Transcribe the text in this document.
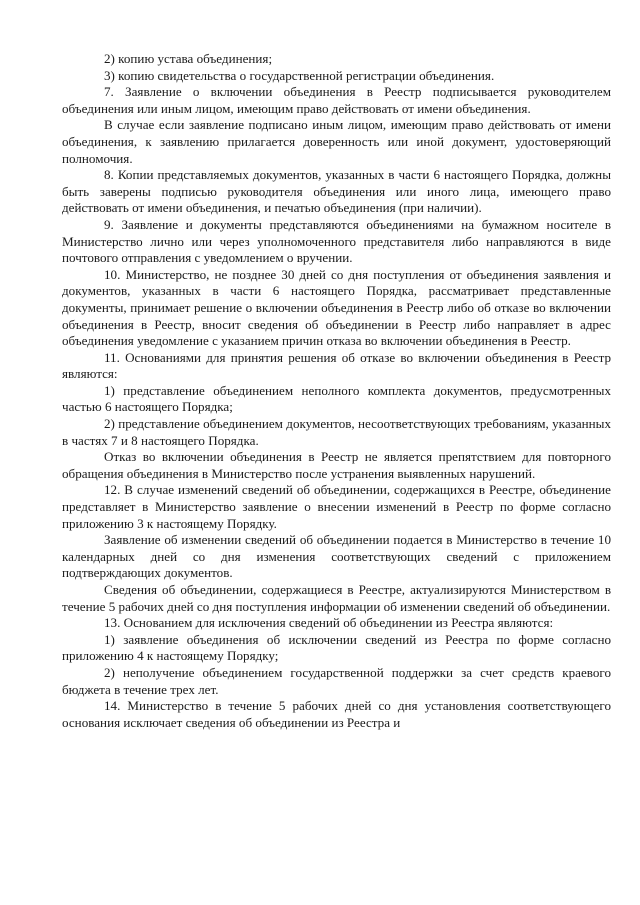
2) копию устава объединения;

3) копию свидетельства о государственной регистрации объединения.

7. Заявление о включении объединения в Реестр подписывается руководителем объединения или иным лицом, имеющим право действовать от имени объединения.

В случае если заявление подписано иным лицом, имеющим право действовать от имени объединения, к заявлению прилагается доверенность или иной документ, удостоверяющий полномочия.

8. Копии представляемых документов, указанных в части 6 настоящего Порядка, должны быть заверены подписью руководителя объединения или иного лица, имеющего право действовать от имени объединения, и печатью объединения (при наличии).

9. Заявление и документы представляются объединениями на бумажном носителе в Министерство лично или через уполномоченного представителя либо направляются в виде почтового отправления с уведомлением о вручении.

10. Министерство, не позднее 30 дней со дня поступления от объединения заявления и документов, указанных в части 6 настоящего Порядка, рассматривает представленные документы, принимает решение о включении объединения в Реестр либо об отказе во включении объединения в Реестр, вносит сведения об объединении в Реестр либо направляет в адрес объединения уведомление с указанием причин отказа во включении объединения в Реестр.

11. Основаниями для принятия решения об отказе во включении объединения в Реестр являются:

1) представление объединением неполного комплекта документов, предусмотренных частью 6 настоящего Порядка;

2) представление объединением документов, несоответствующих требованиям, указанных в частях 7 и 8 настоящего Порядка.

Отказ во включении объединения в Реестр не является препятствием для повторного обращения объединения в Министерство после устранения выявленных нарушений.

12. В случае изменений сведений об объединении, содержащихся в Реестре, объединение представляет в Министерство заявление о внесении изменений в Реестр по форме согласно приложению 3 к настоящему Порядку.

Заявление об изменении сведений об объединении подается в Министерство в течение 10 календарных дней со дня изменения соответствующих сведений с приложением подтверждающих документов.

Сведения об объединении, содержащиеся в Реестре, актуализируются Министерством в течение 5 рабочих дней со дня поступления информации об изменении сведений об объединении.

13. Основанием для исключения сведений об объединении из Реестра являются:

1) заявление объединения об исключении сведений из Реестра по форме согласно приложению 4 к настоящему Порядку;

2) неполучение объединением государственной поддержки за счет средств краевого бюджета в течение трех лет.

14. Министерство в течение 5 рабочих дней со дня установления соответствующего основания исключает сведения об объединении из Реестра и
